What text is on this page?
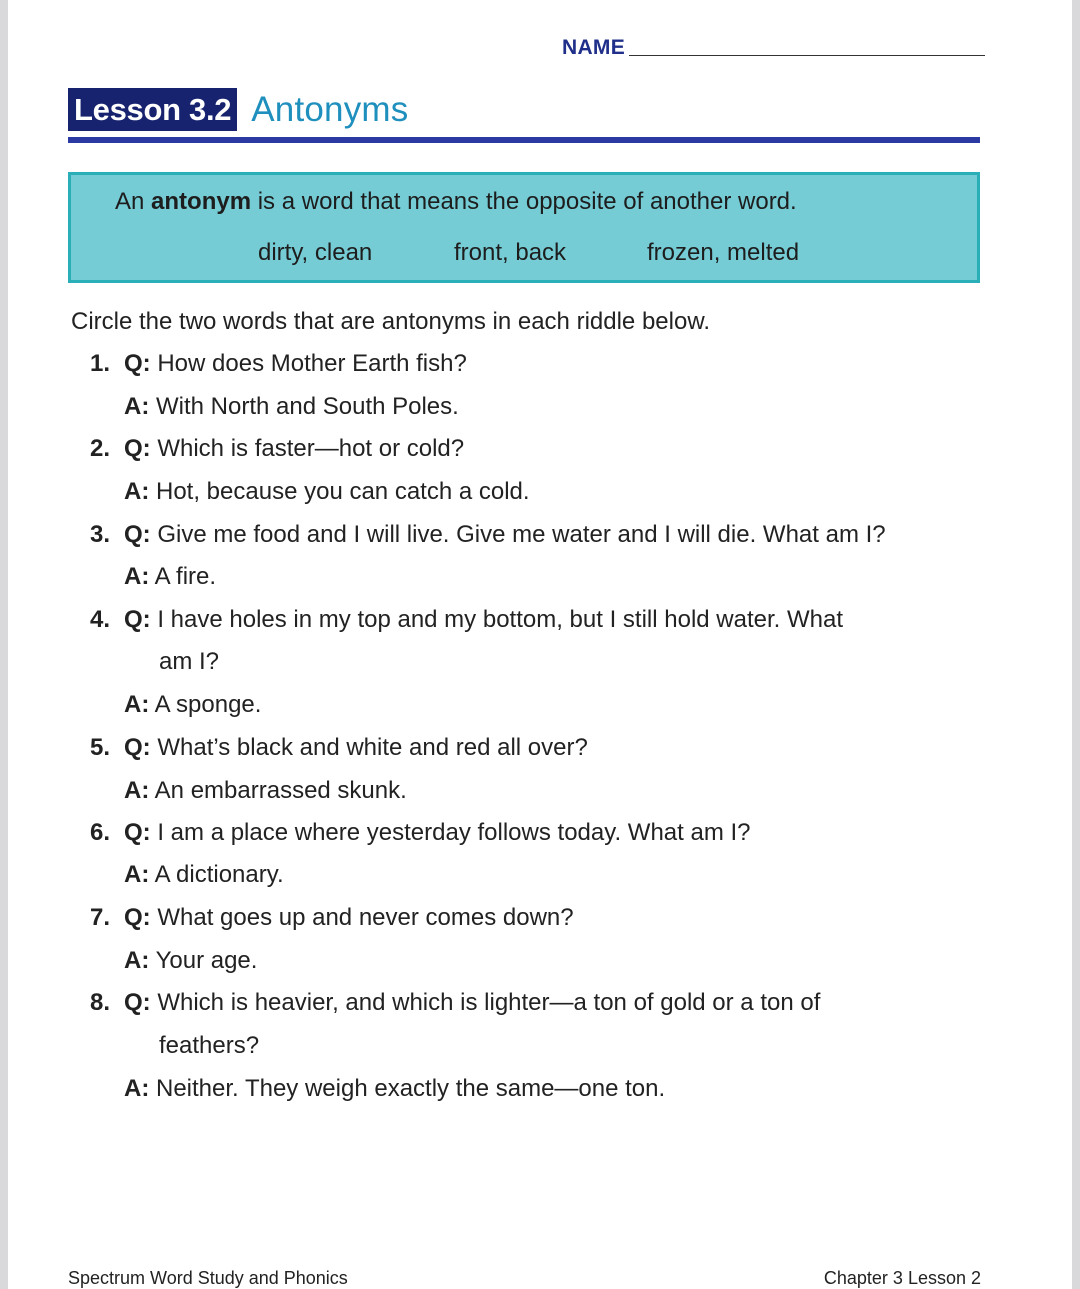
NAME
Lesson 3.2 Antonyms
An antonym is a word that means the opposite of another word.
dirty, clean	front, back	frozen, melted
Circle the two words that are antonyms in each riddle below.
1. Q: How does Mother Earth fish?
A: With North and South Poles.
2. Q: Which is faster—hot or cold?
A: Hot, because you can catch a cold.
3. Q: Give me food and I will live. Give me water and I will die. What am I?
A: A fire.
4. Q: I have holes in my top and my bottom, but I still hold water. What
am I?
A: A sponge.
5. Q: What’s black and white and red all over?
A: An embarrassed skunk.
6. Q: I am a place where yesterday follows today. What am I?
A: A dictionary.
7. Q: What goes up and never comes down?
A: Your age.
8. Q: Which is heavier, and which is lighter—a ton of gold or a ton of
feathers?
A: Neither. They weigh exactly the same—one ton.
Spectrum Word Study and Phonics	Chapter 3 Lesson 2
